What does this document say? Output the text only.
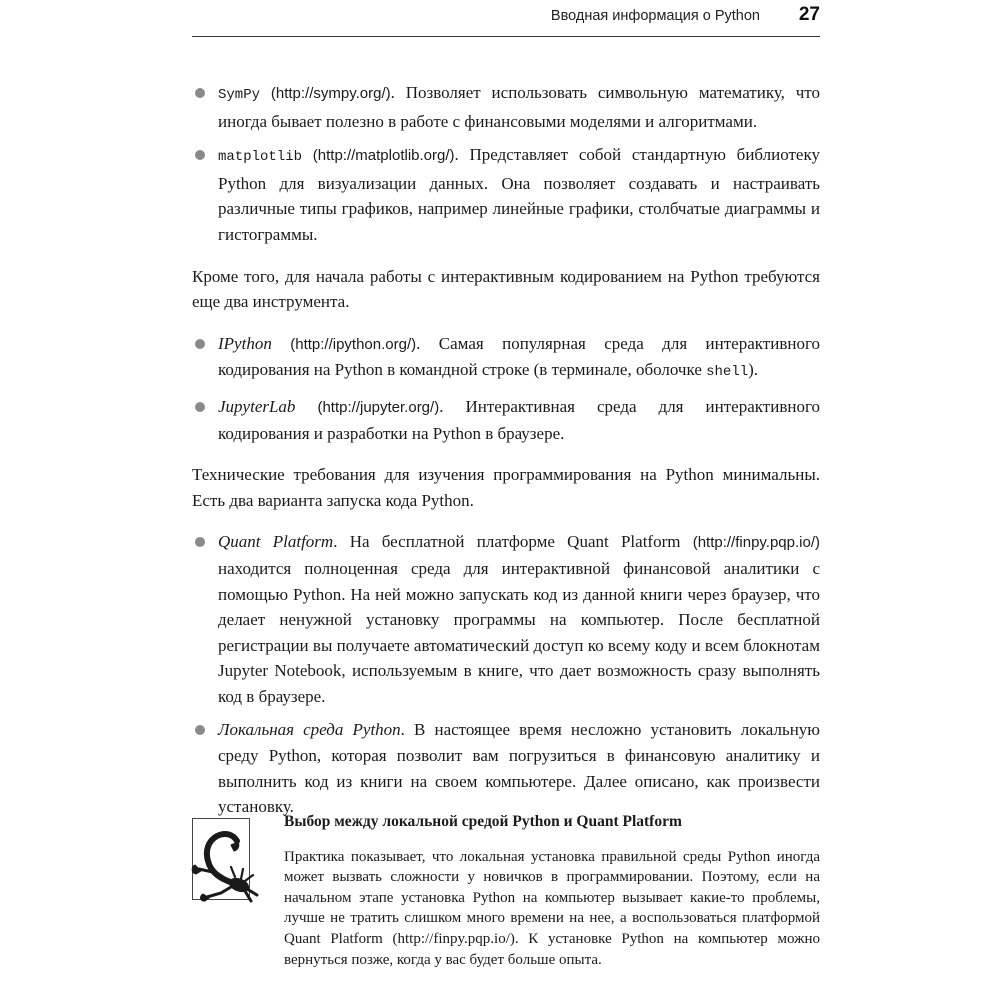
Вводная информация о Python 27
SymPy (http://sympy.org/). Позволяет использовать символьную математику, что иногда бывает полезно в работе с финансовыми моделями и алгоритмами.
matplotlib (http://matplotlib.org/). Представляет собой стандартную библиотеку Python для визуализации данных. Она позволяет создавать и настраивать различные типы графиков, например линейные графики, столбчатые диаграммы и гистограммы.

Кроме того, для начала работы с интерактивным кодированием на Python требуются еще два инструмента.

IPython (http://ipython.org/). Самая популярная среда для интерактивного кодирования на Python в командной строке (в терминале, оболочке shell).
JupyterLab (http://jupyter.org/). Интерактивная среда для интерактивного кодирования и разработки на Python в браузере.

Технические требования для изучения программирования на Python минимальны. Есть два варианта запуска кода Python.

Quant Platform. На бесплатной платформе Quant Platform (http://finpy.pqp.io/) находится полноценная среда для интерактивной финансовой аналитики с помощью Python. На ней можно запускать код из данной книги через браузер, что делает ненужной установку программы на компьютер. После бесплатной регистрации вы получаете автоматический доступ ко всему коду и всем блокнотам Jupyter Notebook, используемым в книге, что дает возможность сразу выполнять код в браузере.
Локальная среда Python. В настоящее время несложно установить локальную среду Python, которая позволит вам погрузиться в финансовую аналитику и выполнить код из книги на своем компьютере. Далее описано, как произвести установку.

Выбор между локальной средой Python и Quant Platform

Практика показывает, что локальная установка правильной среды Python иногда может вызвать сложности у новичков в программировании. Поэтому, если на начальном этапе установка Python на компьютер вызывает какие-то проблемы, лучше не тратить слишком много времени на нее, а воспользоваться платформой Quant Platform (http://finpy.pqp.io/). К установке Python на компьютер можно вернуться позже, когда у вас будет больше опыта.
